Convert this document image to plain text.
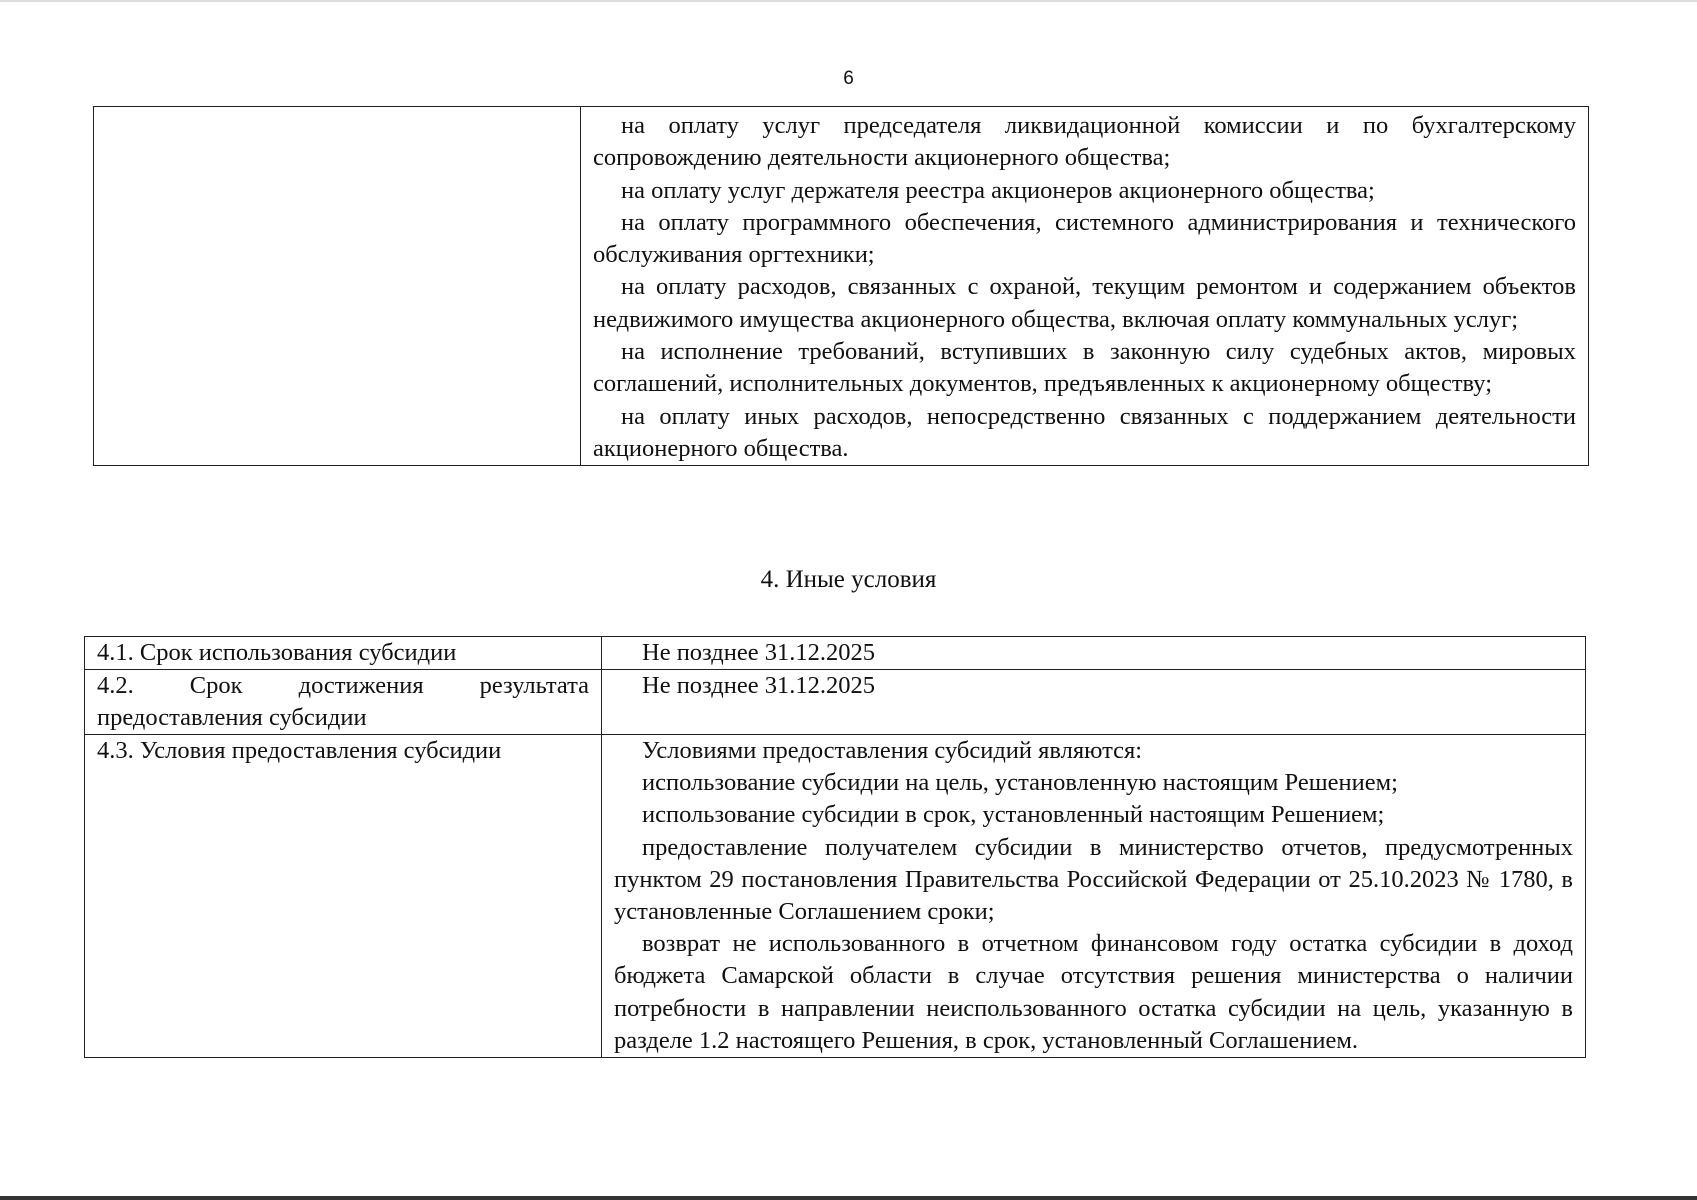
6

на оплату услуг председателя ликвидационной комиссии и по бухгалтерскому сопровождению деятельности акционерного общества;

на оплату услуг держателя реестра акционеров акционерного общества;

на оплату программного обеспечения, системного администрирования и технического обслуживания оргтехники;

на оплату расходов, связанных с охраной, текущим ремонтом и содержанием объектов недвижимого имущества акционерного общества, включая оплату коммунальных услуг;

на исполнение требований, вступивших в законную силу судебных актов, мировых соглашений, исполнительных документов, предъявленных к акционерному обществу;

на оплату иных расходов, непосредственно связанных с поддержанием деятельности акционерного общества.

4. Иные условия
4.1. Срок использования субсидии	Не позднее 31.12.2025
4.2. Срок достижения результата предоставления субсидии	Не позднее 31.12.2025
4.3. Условия предоставления субсидии	Условиями предоставления субсидий являются:

использование субсидии на цель, установленную настоящим Решением;

использование субсидии в срок, установленный настоящим Решением;

предоставление получателем субсидии в министерство отчетов, предусмотренных пунктом 29 постановления Правительства Российской Федерации от 25.10.2023 № 1780, в установленные Соглашением сроки;

возврат не использованного в отчетном финансовом году остатка субсидии в доход бюджета Самарской области в случае отсутствия решения министерства о наличии потребности в направлении неиспользованного остатка субсидии на цель, указанную в разделе 1.2 настоящего Решения, в срок, установленный Соглашением.
